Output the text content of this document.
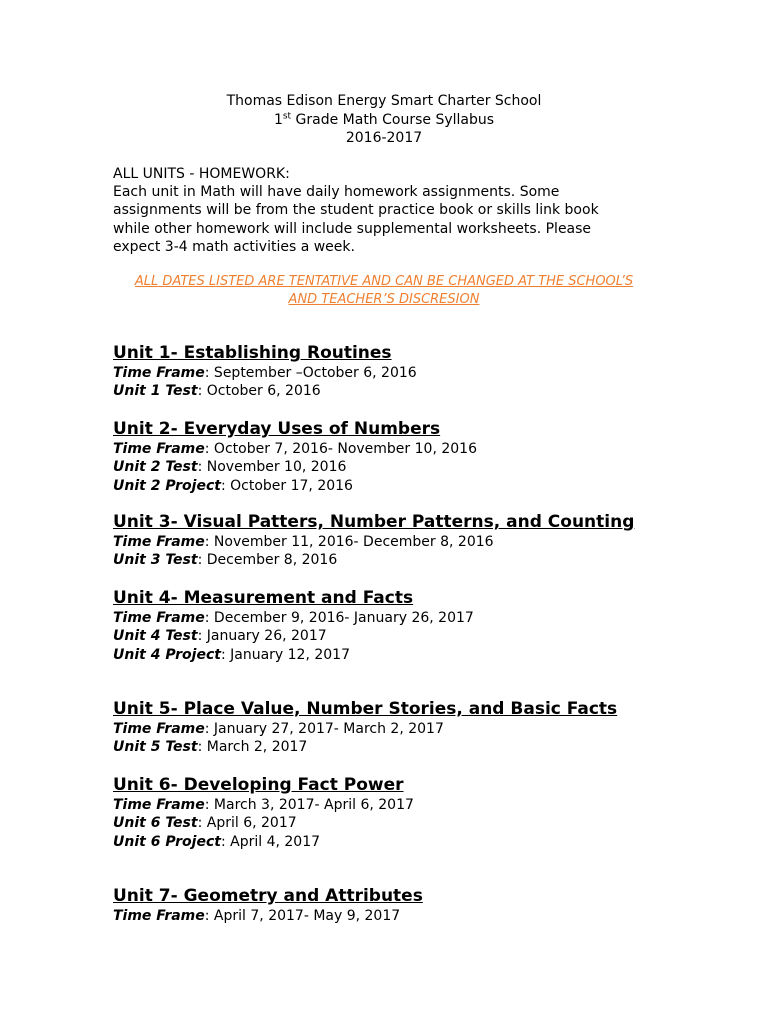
Thomas Edison Energy Smart Charter School
1st Grade Math Course Syllabus
2016-2017
ALL UNITS - HOMEWORK:
Each unit in Math will have daily homework assignments. Some
assignments will be from the student practice book or skills link book
while other homework will include supplemental worksheets. Please
expect 3-4 math activities a week.
ALL DATES LISTED ARE TENTATIVE AND CAN BE CHANGED AT THE SCHOOL’S
AND TEACHER’S DISCRESION
Unit 1- Establishing Routines
Time Frame: September –October 6, 2016
Unit 1 Test: October 6, 2016
Unit 2- Everyday Uses of Numbers
Time Frame: October 7, 2016- November 10, 2016
Unit 2 Test: November 10, 2016
Unit 2 Project: October 17, 2016
Unit 3- Visual Patters, Number Patterns, and Counting
Time Frame: November 11, 2016- December 8, 2016
Unit 3 Test: December 8, 2016
Unit 4- Measurement and Facts
Time Frame: December 9, 2016- January 26, 2017
Unit 4 Test: January 26, 2017
Unit 4 Project: January 12, 2017
Unit 5- Place Value, Number Stories, and Basic Facts
Time Frame: January 27, 2017- March 2, 2017
Unit 5 Test: March 2, 2017
Unit 6- Developing Fact Power
Time Frame: March 3, 2017- April 6, 2017
Unit 6 Test: April 6, 2017
Unit 6 Project: April 4, 2017
Unit 7- Geometry and Attributes
Time Frame: April 7, 2017- May 9, 2017
